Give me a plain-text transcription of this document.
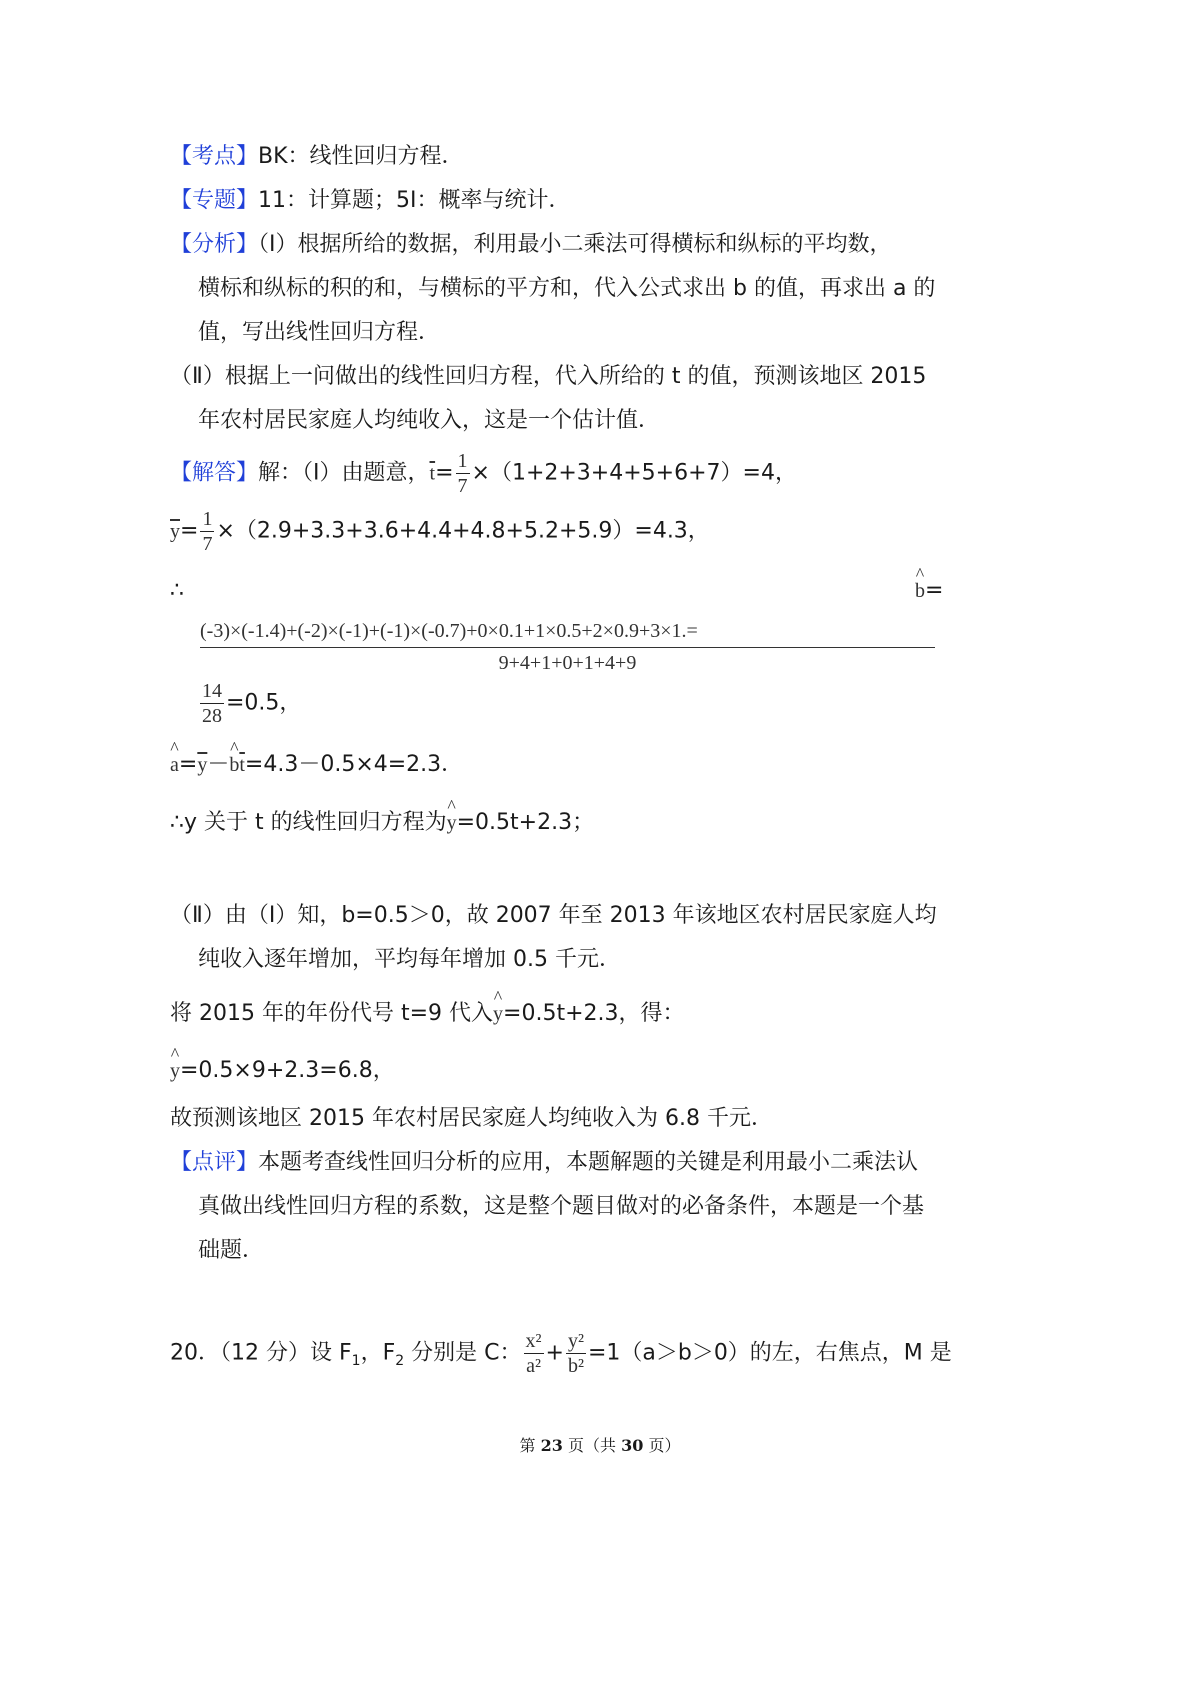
【考点】BK：线性回归方程．
【专题】11：计算题；5I：概率与统计．
【分析】（Ⅰ）根据所给的数据，利用最小二乘法可得横标和纵标的平均数，
横标和纵标的积的和，与横标的平方和，代入公式求出 b 的值，再求出 a 的
值，写出线性回归方程．
（Ⅱ）根据上一问做出的线性回归方程，代入所给的 t 的值，预测该地区 2015
年农村居民家庭人均纯收入，这是一个估计值．
【解答】解：（Ⅰ）由题意，$\overline{t}= \frac{1}{7} \times(1+2+3+4+5+6+7)=4$，
$\overline{y}= \frac{1}{7} \times(2.9+3.3+3.6+4.4+4.8+5.2+5.9)=4.3$，
∴	^ b=
$\frac{(-3)\times(-1.4)+(-2)\times(-1)+(-1)\times(-0.7)+0\times 0.1+1\times 0.5+2\times 0.9+3\times 1.=}{9+4+1+0+1+4+9}$
$\frac{14}{28} =0.5$，
^ $a=\overline{y}-\^{}$ $b\overline{t}=4.3-0.5\times 4=2.3$．
∴y 关于 t 的线性回归方程为^ y=0.5t+2.3；
（Ⅱ）由（Ⅰ）知，b=0.5＞0，故 2007 年至 2013 年该地区农村居民家庭人均
纯收入逐年增加，平均每年增加 0.5 千元．
将 2015 年的年份代号 t=9 代入^ y=0.5t+2.3，得：
^ y=0.5×9+2.3=6.8，
故预测该地区 2015 年农村居民家庭人均纯收入为 6.8 千元．
【点评】本题考查线性回归分析的应用，本题解题的关键是利用最小二乘法认
真做出线性回归方程的系数，这是整个题目做对的必备条件，本题是一个基
础题．
20．（12 分）设 $F_1$，$F_2$ 分别是 C： $\frac{\text{x²}}{\text{a²}} + \frac{\text{y²}}{\text{b²}} =1(a>b>0)$的左，右焦点，M 是
第 23 页（共 30 页）
